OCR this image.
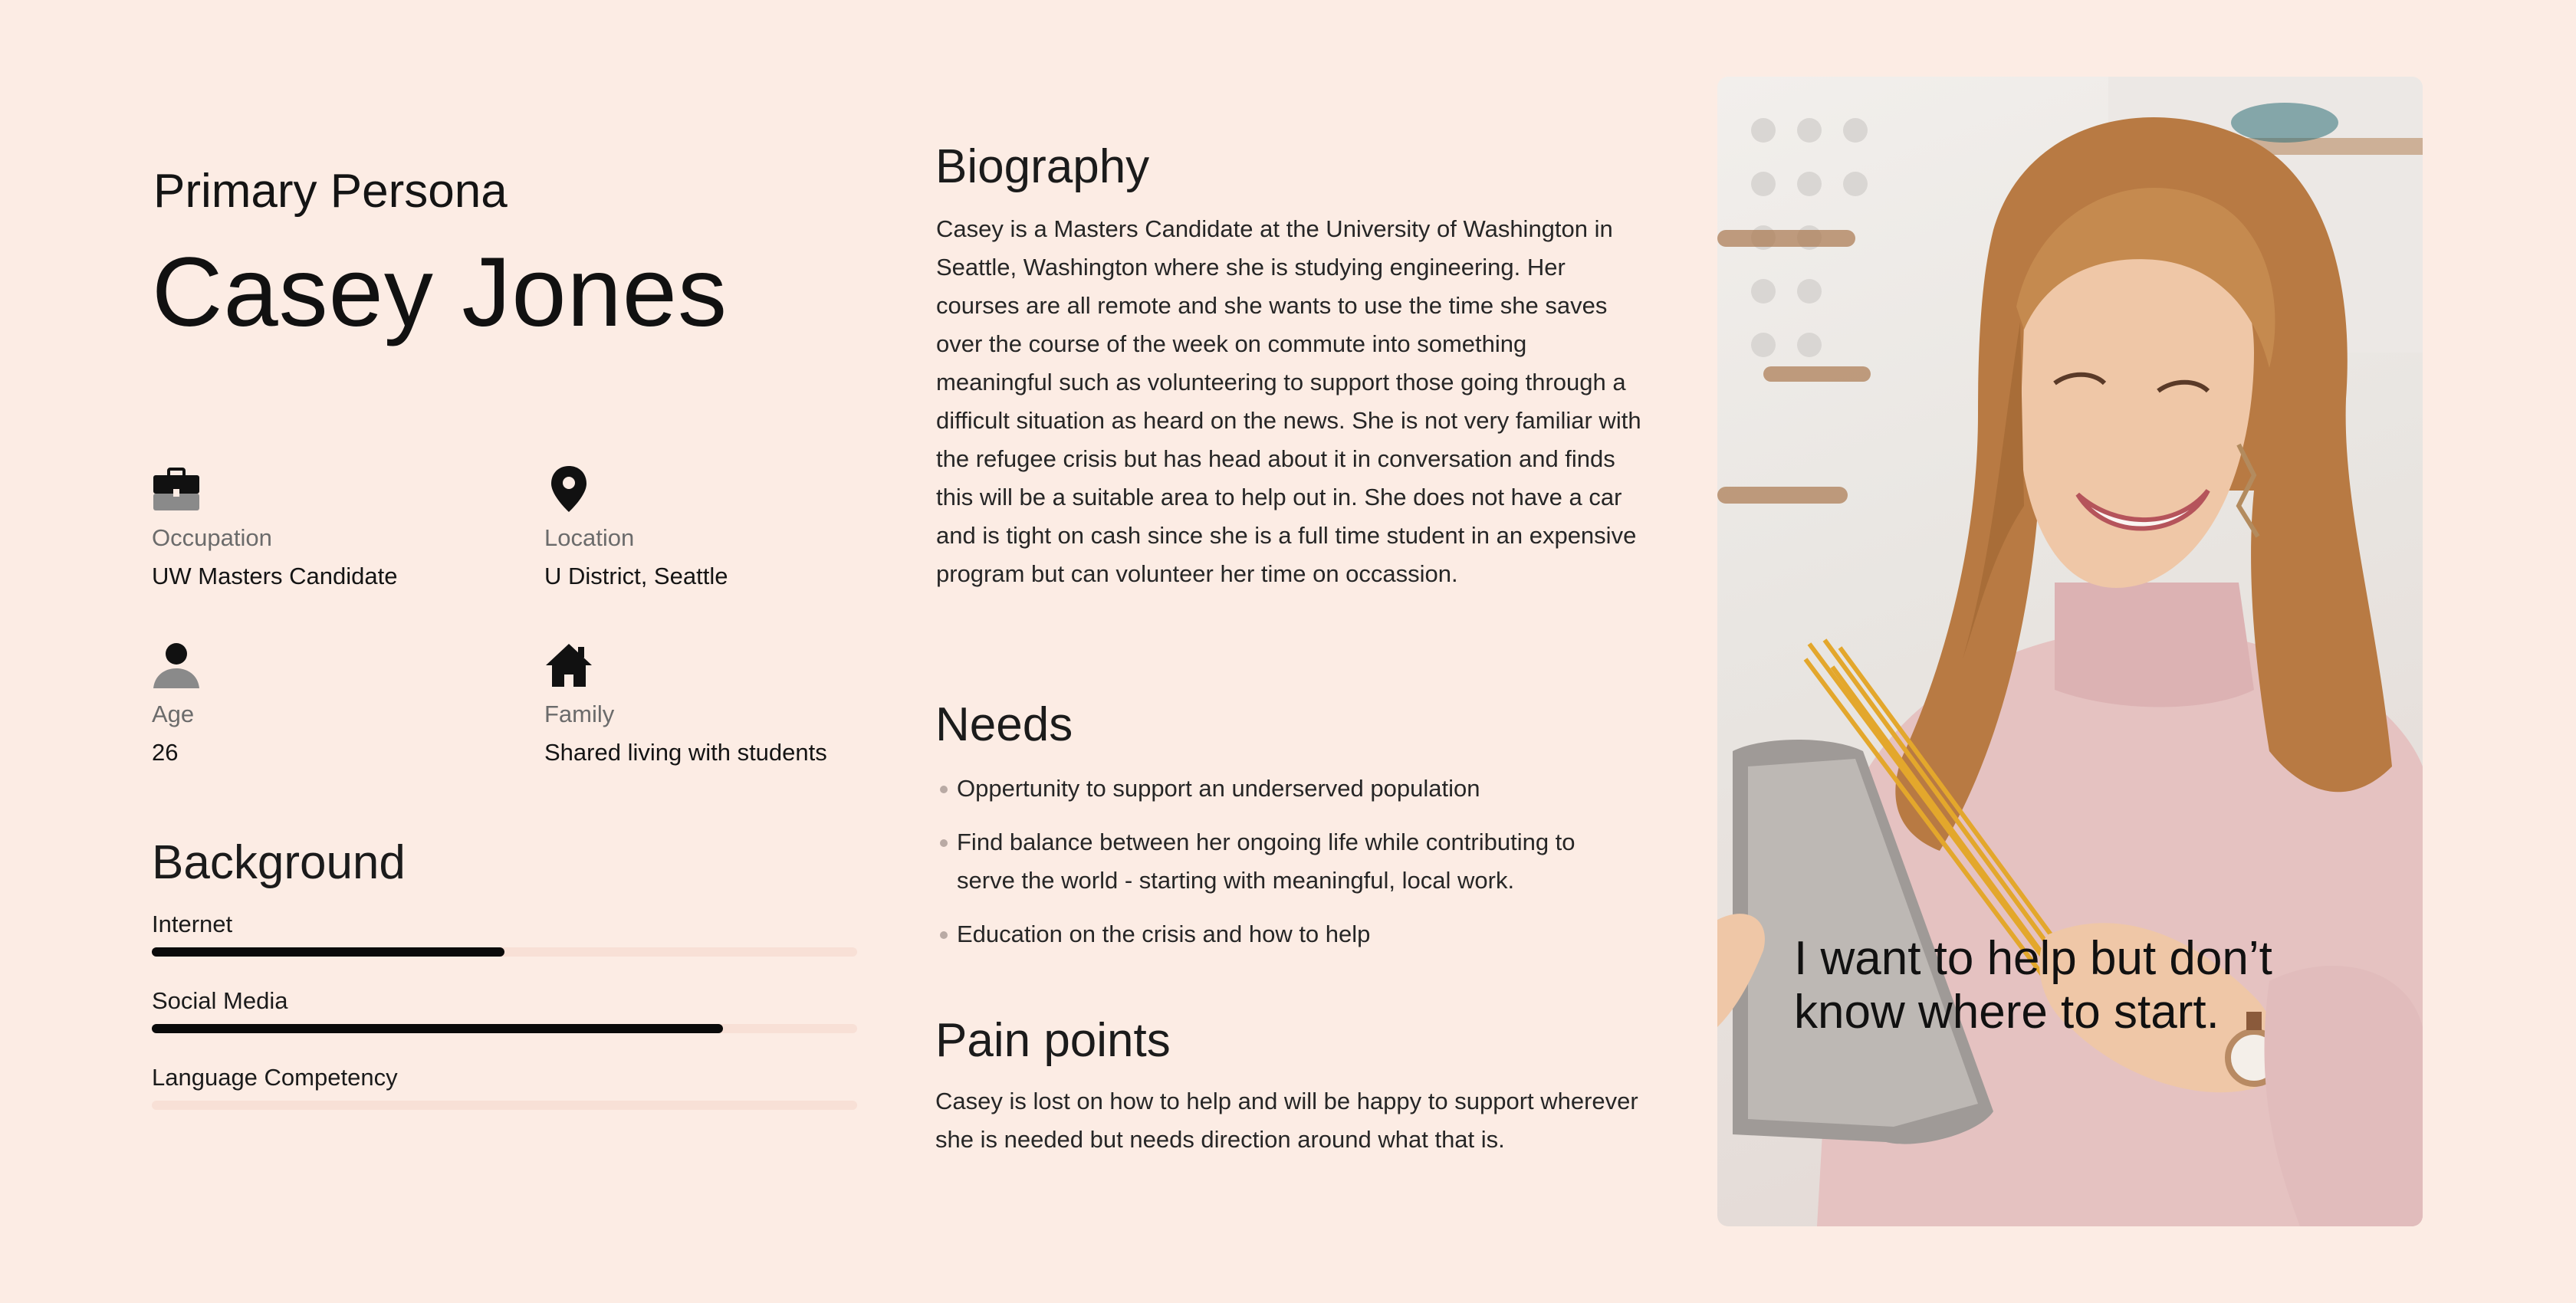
Primary Persona
Casey Jones
Occupation
UW Masters Candidate
Location
U District, Seattle
Age
26
Family
Shared living with students
Background
Internet
Social Media
Language Competency
Biography
Casey is a Masters Candidate at the University of Washington in Seattle, Washington where she is studying engineering. Her courses are all remote and she wants to use the time she saves over the course of the week on commute into something meaningful such as volunteering to support those going through a difficult situation as heard on the news. She is not very familiar with the refugee crisis but has head about it in conversation and finds this will be a suitable area to help out in. She does not have a car and is tight on cash since she is a full time student in an expensive program but can volunteer her time on occassion.
Needs
Oppertunity to support an underserved population
Find balance between her ongoing life while contributing to serve the world - starting with meaningful, local work.
Education on the crisis and how to help
Pain points
Casey is lost on how to help and will be happy to support wherever she is needed but needs direction around what that is.
I want to help but don’t know where to start.
